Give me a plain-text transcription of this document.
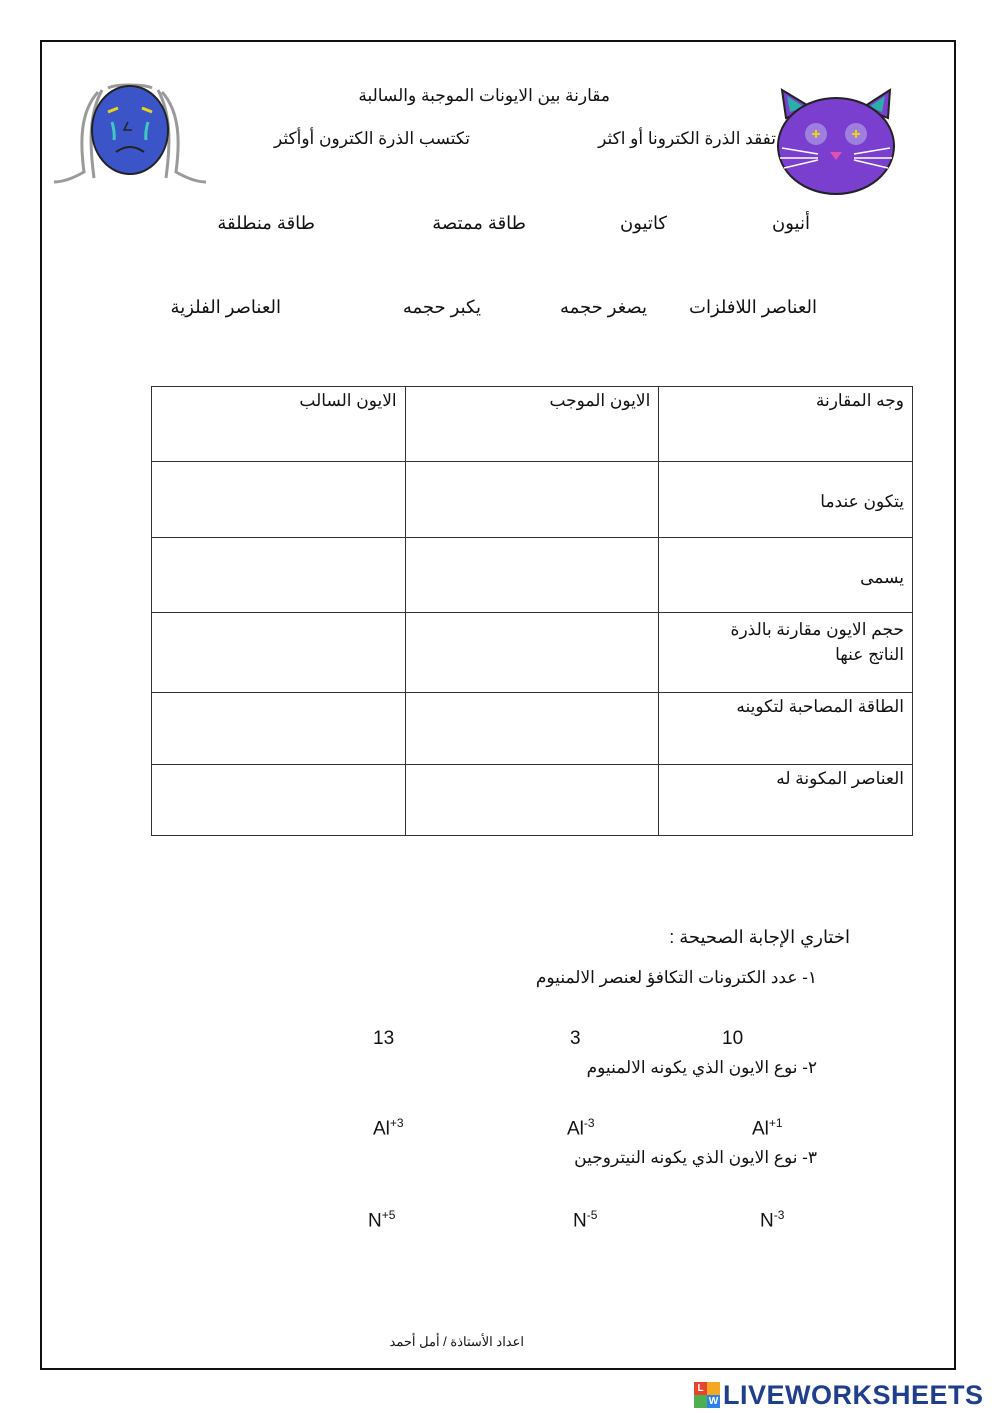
مقارنة بين الايونات الموجبة والسالبة
تفقد الذرة الكترونا أو اكثر
تكتسب الذرة الكترون أوأكثر
أنيون
كاتيون
طاقة ممتصة
طاقة منطلقة
العناصر اللافلزات
يصغر حجمه
يكبر حجمه
العناصر الفلزية
وجه المقارنة	الايون الموجب	الايون السالب

يتكون عندما		

يسمى		

حجم الايون مقارنة بالذرة
الناتج عنها		

الطاقة المصاحبة لتكوينه		
العناصر المكونة له		
اختاري الإجابة الصحيحة :
١- عدد الكترونات التكافؤ لعنصر الالمنيوم
10
3
13
٢- نوع الايون الذي يكونه الالمنيوم
$Al^{+1}$
$Al^{-3}$
$Al^{+3}$
٣- نوع الايون الذي يكونه النيتروجين
$N^{-3}$
$N^{-5}$
$N^{+5}$
اعداد الأستاذة / أمل أحمد
L
W LIVEWORKSHEETS
